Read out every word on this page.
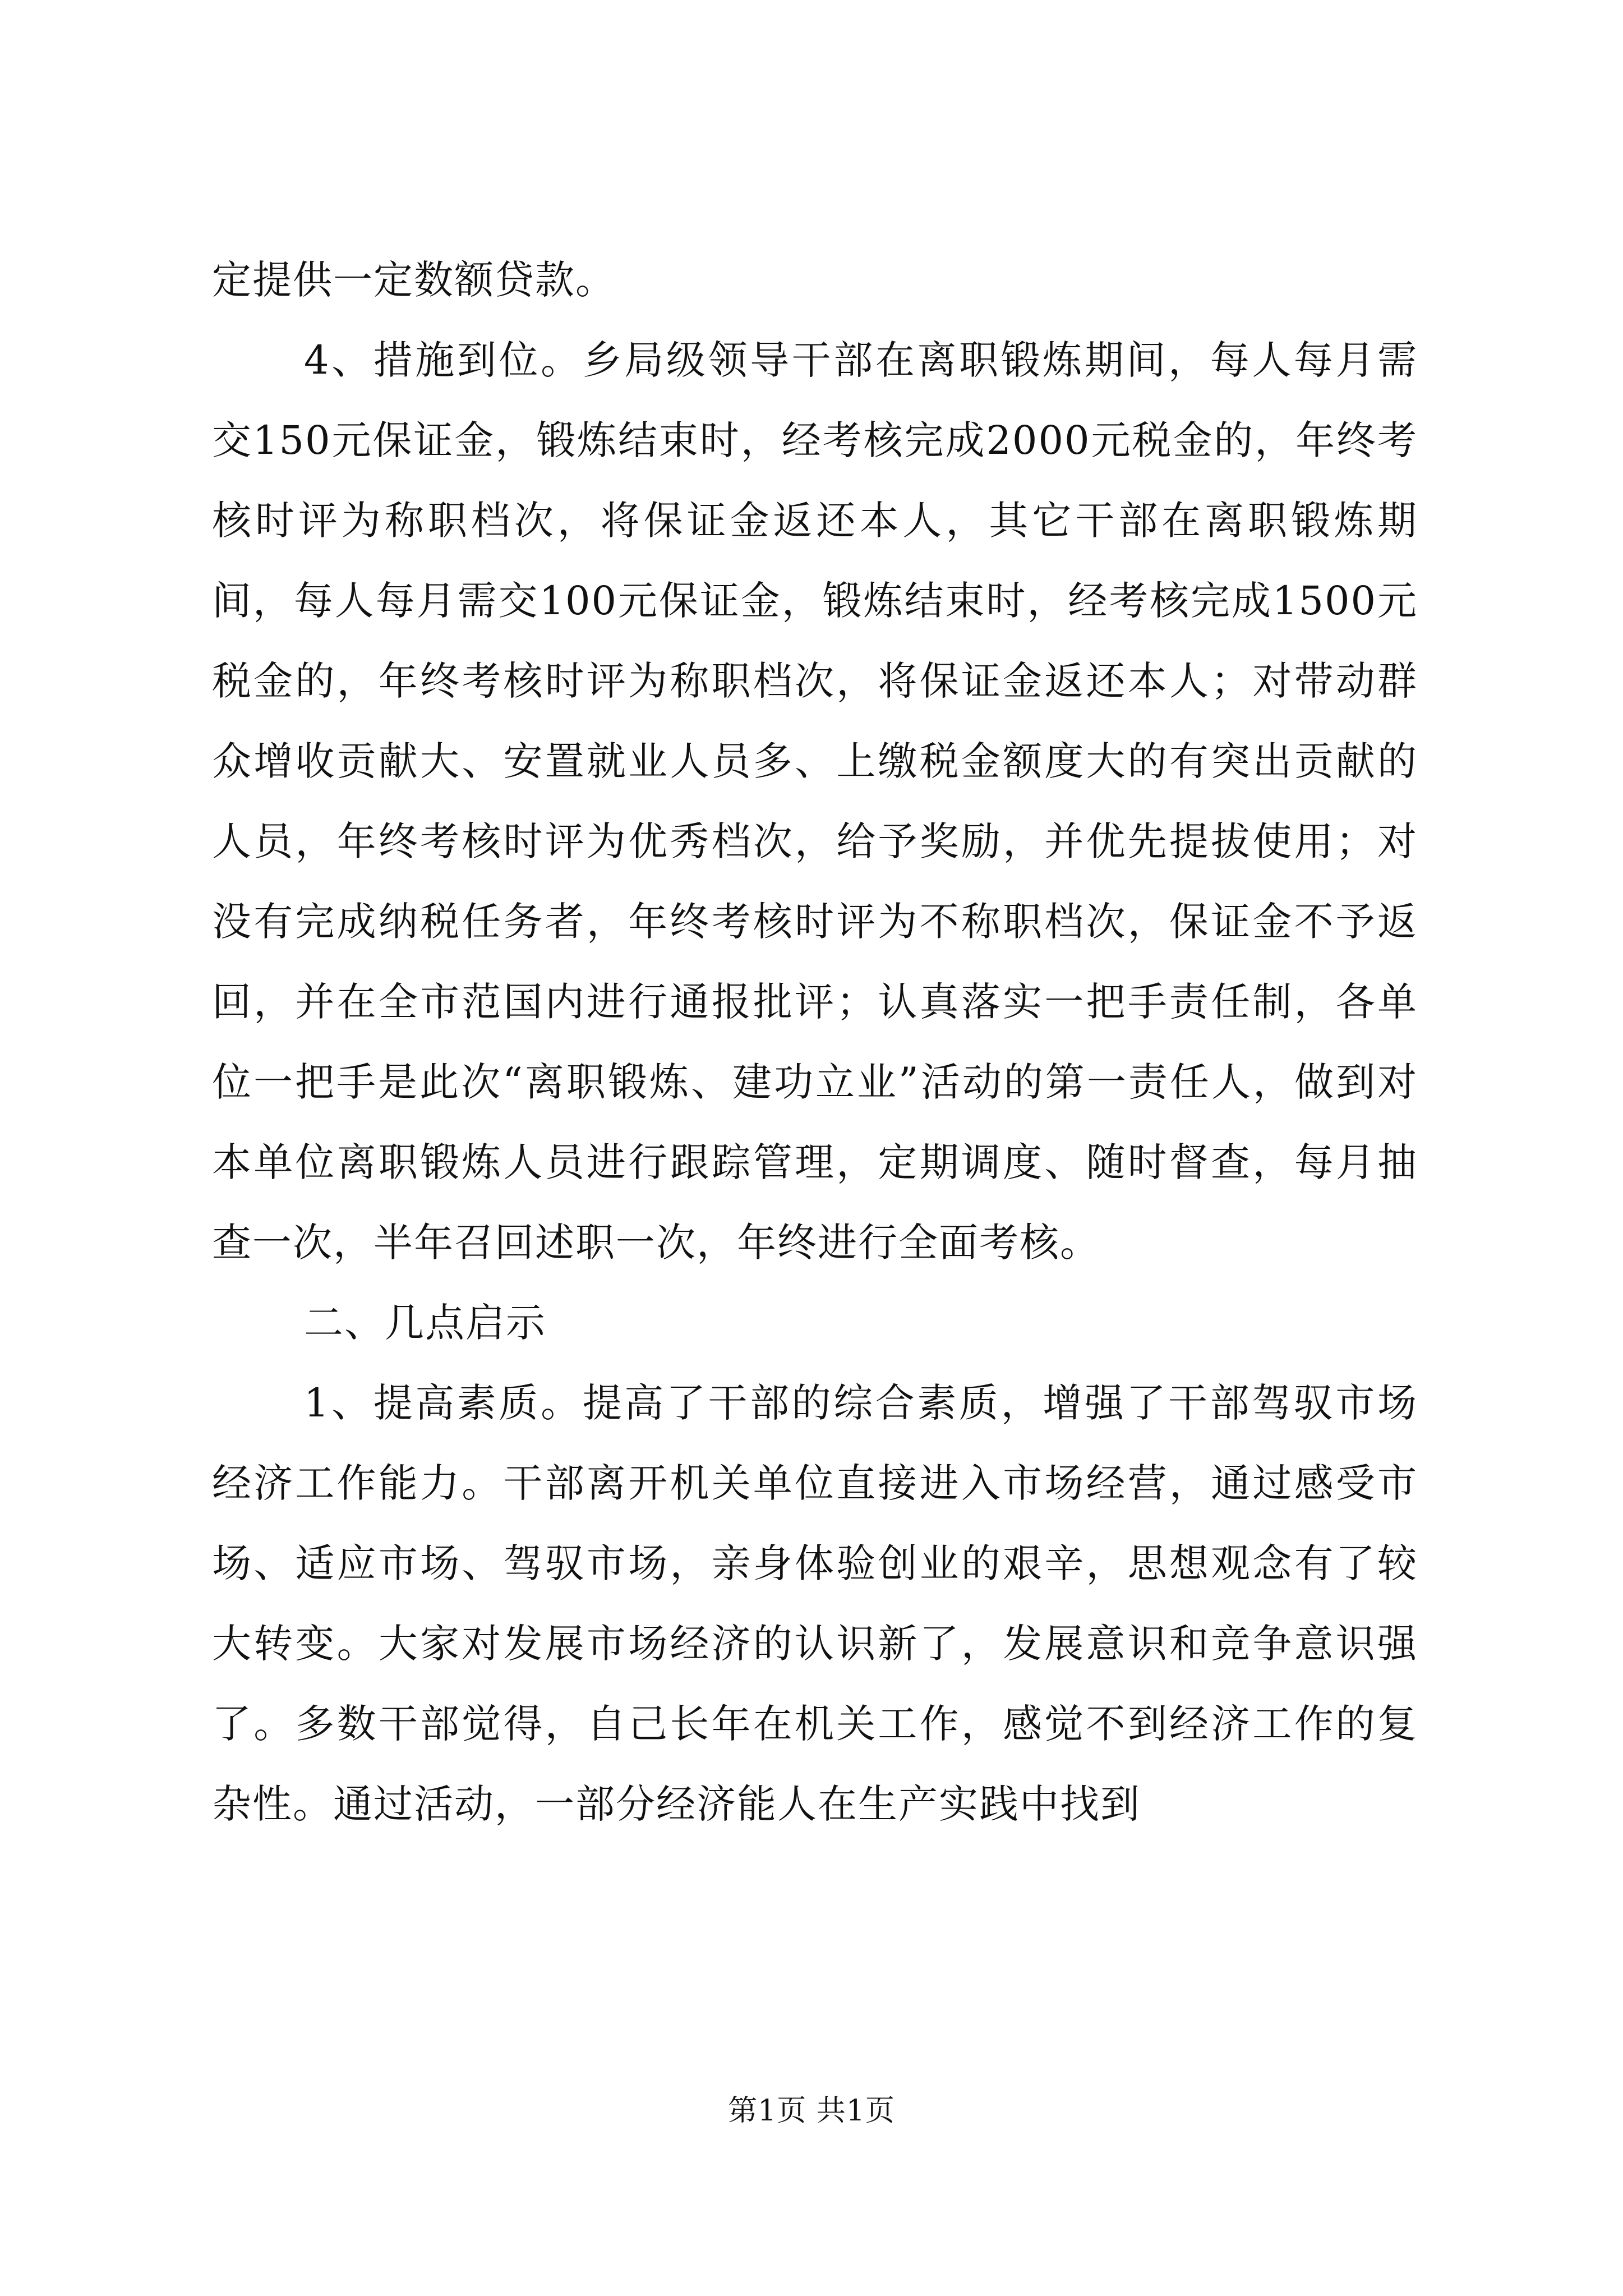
定提供一定数额贷款。

4、措施到位。乡局级领导干部在离职锻炼期间，每人每月需交150元保证金，锻炼结束时，经考核完成2000元税金的，年终考核时评为称职档次，将保证金返还本人，其它干部在离职锻炼期间，每人每月需交100元保证金，锻炼结束时，经考核完成1500元税金的，年终考核时评为称职档次，将保证金返还本人；对带动群众增收贡献大、安置就业人员多、上缴税金额度大的有突出贡献的人员，年终考核时评为优秀档次，给予奖励，并优先提拔使用；对没有完成纳税任务者，年终考核时评为不称职档次，保证金不予返回，并在全市范国内进行通报批评；认真落实一把手责任制，各单位一把手是此次“离职锻炼、建功立业”活动的第一责任人，做到对本单位离职锻炼人员进行跟踪管理，定期调度、随时督查，每月抽查一次，半年召回述职一次，年终进行全面考核。

二、几点启示

1、提高素质。提高了干部的综合素质，增强了干部驾驭市场经济工作能力。干部离开机关单位直接进入市场经营，通过感受市场、适应市场、驾驭市场，亲身体验创业的艰辛，思想观念有了较大转变。大家对发展市场经济的认识新了，发展意识和竞争意识强了。多数干部觉得，自己长年在机关工作，感觉不到经济工作的复杂性。通过活动，一部分经济能人在生产实践中找到

第1页 共1页
